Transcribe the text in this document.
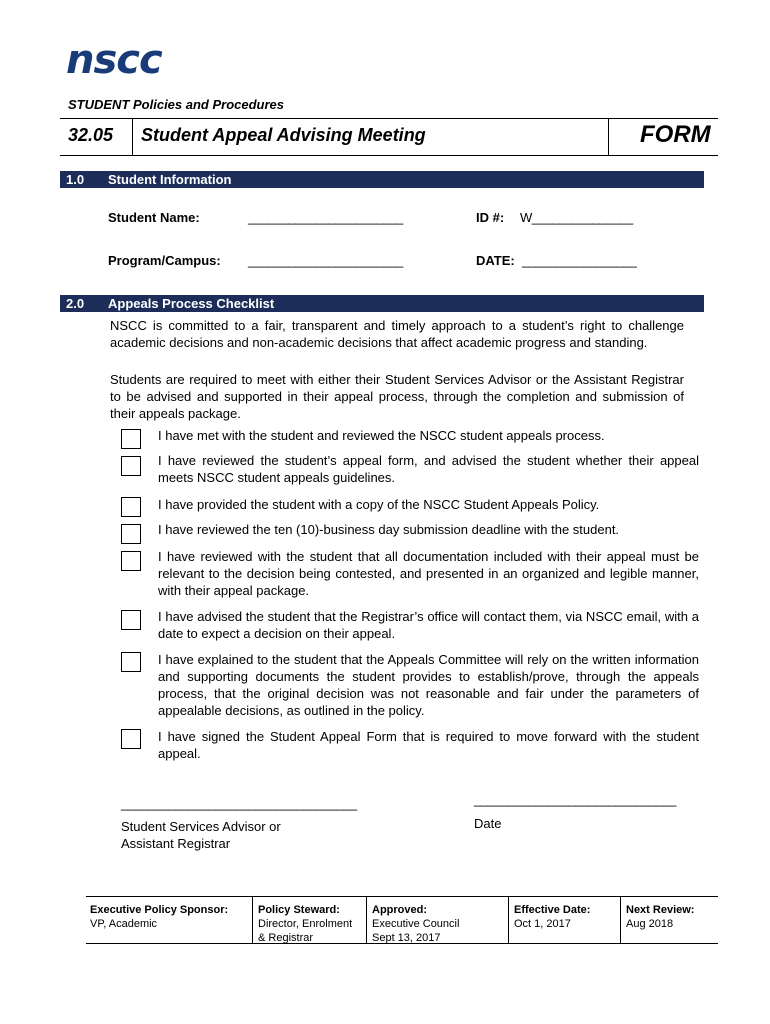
nscc
STUDENT Policies and Procedures
32.05 Student Appeal Advising Meeting	FORM
1.0 Student Information
Student Name:	_______________________	ID #: W_______________
Program/Campus: _______________________	DATE: _________________
2.0 Appeals Process Checklist
NSCC is committed to a fair, transparent and timely approach to a student’s right to challenge academic decisions and non-academic decisions that affect academic progress and standing.
Students are required to meet with either their Student Services Advisor or the Assistant Registrar to be advised and supported in their appeal process, through the completion and submission of their appeals package.
I have met with the student and reviewed the NSCC student appeals process.
I have reviewed the student’s appeal form, and advised the student whether their appeal meets NSCC student appeals guidelines.
I have provided the student with a copy of the NSCC Student Appeals Policy.
I have reviewed the ten (10)-business day submission deadline with the student.
I have reviewed with the student that all documentation included with their appeal must be relevant to the decision being contested, and presented in an organized and legible manner, with their appeal package.
I have advised the student that the Registrar’s office will contact them, via NSCC email, with a date to expect a decision on their appeal.
I have explained to the student that the Appeals Committee will rely on the written information and supporting documents the student provides to establish/prove, through the appeals process, that the original decision was not reasonable and fair under the parameters of appealable decisions, as outlined in the policy.
I have signed the Student Appeal Form that is required to move forward with the student appeal.
___________________________________	______________________________
Student Services Advisor or
Assistant Registrar
Date
Executive Policy Sponsor:
VP, Academic
Policy Steward:
Director, Enrolment
& Registrar
Approved:
Executive Council
Sept 13, 2017
Effective Date:
Oct 1, 2017
Next Review:
Aug 2018
